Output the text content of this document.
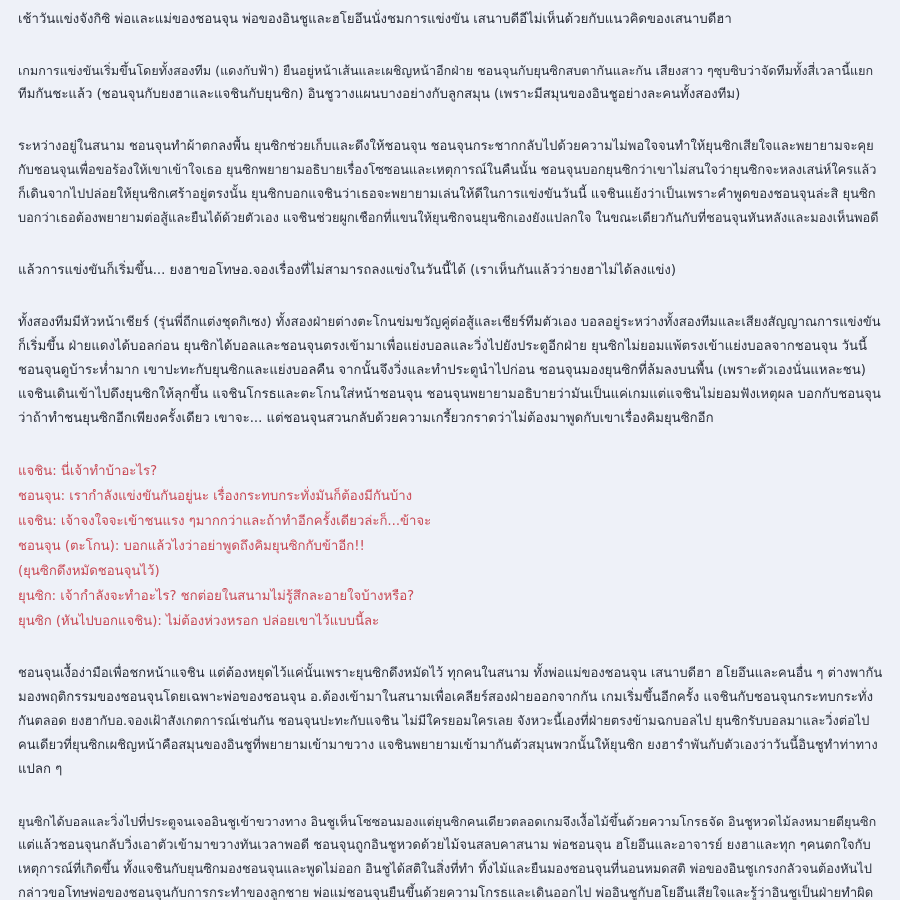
เช้าวันแข่งจังกิซิ พ่อและแม่ของชอนจุน พ่อของอินชูและฮโยอึนนั่งชมการแข่งขัน เสนาบดีอีไม่เห็นด้วยกับแนวคิดของเสนาบดีฮา
เกมการแข่งขันเริ่มขึ้นโดยทั้งสองทีม (แดงกับฟ้า) ยืนอยู่หน้าเส้นและเผชิญหน้าอีกฝ่าย ชอนจุนกับยุนซิกสบตากันและกัน เสียงสาว ๆซุบซิบว่าจัดทีมทั้งสี่เวลานี้แยก
ทีมกันชะแล้ว (ชอนจุนกับยงฮาและแจชินกับยุนซิก) อินชูวางแผนบางอย่างกับลูกสมุน (เพราะมีสมุนของอินชูอย่างละคนทั้งสองทีม)
ระหว่างอยู่ในสนาม ชอนจุนทำผ้าตกลงพื้น ยุนซิกช่วยเก็บและดึงให้ชอนจุน ชอนจุนกระชากกลับไปด้วยความไม่พอใจจนทำให้ยุนซิกเสียใจและพยายามจะคุย
กับชอนจุนเพื่อขอร้องให้เขาเข้าใจเธอ ยุนซิกพยายามอธิบายเรื่องโซซอนและเหตุการณ์ในคืนนั้น ชอนจุนบอกยุนซิกว่าเขาไม่สนใจว่ายุนซิกจะหลงเสน่ห์ใครแล้ว
ก็เดินจากไปปล่อยให้ยุนซิกเศร้าอยู่ตรงนั้น ยุนซิกบอกแจชินว่าเธอจะพยายามเล่นให้ดีในการแข่งขันวันนี้ แจชินแย้งว่าเป็นเพราะคำพูดของชอนจุนล่ะสิ ยุนซิก
บอกว่าเธอต้องพยายามต่อสู้และยืนได้ด้วยตัวเอง แจชินช่วยผูกเชือกที่แขนให้ยุนซิกจนยุนซิกเองยังแปลกใจ ในขณะเดียวกันกับที่ชอนจุนหันหลังและมองเห็นพอดี
แล้วการแข่งขันก็เริ่มขึ้น... ยงฮาขอโทษอ.จองเรื่องที่ไม่สามารถลงแข่งในวันนี้ได้ (เราเห็นกันแล้วว่ายงฮาไม่ได้ลงแข่ง)
ทั้งสองทีมมีหัวหน้าเชียร์ (รุ่นพี่ถีกแต่งชุดกิเซง) ทั้งสองฝ่ายต่างตะโกนข่มขวัญคู่ต่อสู้และเชียร์ทีมตัวเอง บอลอยู่ระหว่างทั้งสองทีมและเสียงสัญญาณการแข่งขัน
ก็เริ่มขึ้น ฝ่ายแดงได้บอลก่อน ยุนซิกได้บอลและชอนจุนตรงเข้ามาเพื่อแย่งบอลและวิ่งไปยังประตูอีกฝ่าย ยุนซิกไม่ยอมแพ้ตรงเข้าแย่งบอลจากชอนจุน วันนี้
ชอนจุนดูบ้าระห่ำมาก เขาปะทะกับยุนซิกและแย่งบอลคืน จากนั้นจึงวิ่งและทำประตูนำไปก่อน ชอนจุนมองยุนซิกที่ล้มลงบนพื้น (เพราะตัวเองนั่นแหละชน)
แจชินเดินเข้าไปดึงยุนซิกให้ลุกขึ้น แจชินโกรธและตะโกนใส่หน้าชอนจุน ชอนจุนพยายามอธิบายว่ามันเป็นแค่เกมแต่แจชินไม่ยอมฟังเหตุผล บอกกับชอนจุน
ว่าถ้าทำชนยุนซิกอีกเพียงครั้งเดียว เขาจะ... แต่ชอนจุนสวนกลับด้วยความเกรี้ยวกราดว่าไม่ต้องมาพูดกับเขาเรื่องคิมยุนซิกอีก
แจชิน: นี่เจ้าทำบ้าอะไร?
ชอนจุน: เรากำลังแข่งขันกันอยู่นะ เรื่องกระทบกระทั่งมันก็ต้องมีกันบ้าง
แจชิน: เจ้าจงใจจะเข้าชนแรง ๆมากกว่าและถ้าทำอีกครั้งเดียวล่ะก็...ข้าจะ
ชอนจุน (ตะโกน): บอกแล้วไงว่าอย่าพูดถึงคิมยุนซิกกับข้าอีก!!
(ยุนซิกดึงหมัดชอนจุนไว้)
ยุนซิก: เจ้ากำลังจะทำอะไร? ชกต่อยในสนามไม่รู้สึกละอายใจบ้างหรือ?
ยุนซิก (หันไปบอกแจชิน): ไม่ต้องห่วงหรอก ปล่อยเขาไว้แบบนี้ละ
ชอนจุนเงื้อง่ามือเพื่อชกหน้าแจชิน แต่ต้องหยุดไว้แค่นั้นเพราะยุนซิกดึงหมัดไว้ ทุกคนในสนาม ทั้งพ่อแม่ของชอนจุน เสนาบดีฮา ฮโยอึนและคนอื่น ๆ ต่างพากัน
มองพฤติกรรมของชอนจุนโดยเฉพาะพ่อของชอนจุน อ.ต้องเข้ามาในสนามเพื่อเคลียร์สองฝ่ายออกจากกัน เกมเริ่มขึ้นอีกครั้ง แจชินกับชอนจุนกระทบกระทั่ง
กันตลอด ยงฮากับอ.จองเฝ้าสังเกตการณ์เช่นกัน ชอนจุนปะทะกับแจชิน ไม่มีใครยอมใครเลย จังหวะนี้เองที่ฝ่ายตรงข้ามฉกบอลไป ยุนซิกรับบอลมาและวิ่งต่อไป
คนเดียวที่ยุนซิกเผชิญหน้าคือสมุนของอินชูที่พยายามเข้ามาขวาง แจชินพยายามเข้ามากันตัวสมุนพวกนั้นให้ยุนซิก ยงฮารำพันกับตัวเองว่าวันนี้อินชูทำท่าทาง
แปลก ๆ
ยุนซิกได้บอลและวิ่งไปที่ประตูจนเจออินชูเข้าขวางทาง อินชูเห็นโซซอนมองแต่ยุนซิกคนเดียวตลอดเกมจึงเงื้อไม้ขึ้นด้วยความโกรธจัด อินชูหวดไม้ลงหมายตียุนซิก
แต่แล้วชอนจุนกลับวิ่งเอาตัวเข้ามาขวางทันเวลาพอดี ชอนจุนถูกอินชูหวดด้วยไม้จนสลบคาสนาม พ่อชอนจุน ฮโยอึนและอาจารย์ ยงฮาและทุก ๆคนตกใจกับ
เหตุการณ์ที่เกิดขึ้น ทั้งแจชินกับยุนซิกมองชอนจุนและพูดไม่ออก อินชูได้สติในสิ่งที่ทำ ทิ้งไม้และยืนมองชอนจุนที่นอนหมดสติ พ่อของอินชูเกรงกลัวจนต้องหันไป
กล่าวขอโทษพ่อของชอนจุนกับการกระทำของลูกชาย พ่อแม่ชอนจุนยืนขึ้นด้วยความโกรธและเดินออกไป พ่ออินชูกับฮโยอึนเสียใจและรู้ว่าอินชูเป็นฝ่ายทำผิด
